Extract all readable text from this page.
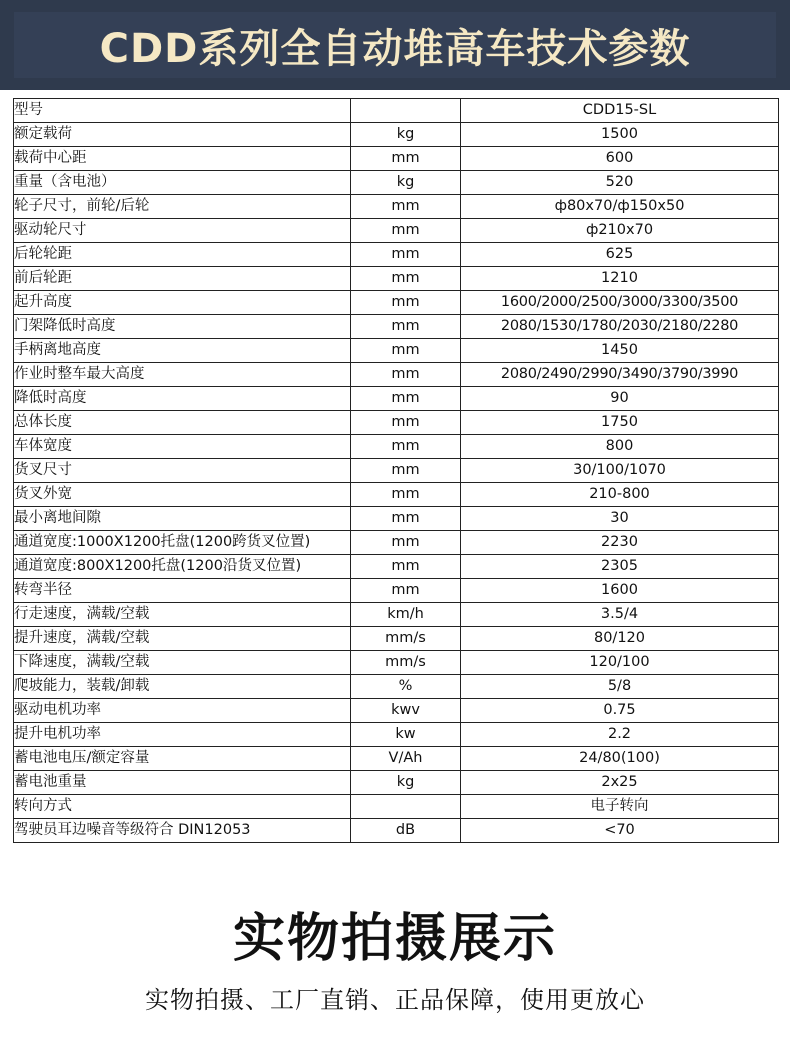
CDD系列全自动堆高车技术参数
型号		CDD15-SL
额定载荷	kg	1500
载荷中心距	mm	600
重量（含电池）	kg	520
轮子尺寸，前轮/后轮	mm	ф80x70/ф150x50
驱动轮尺寸	mm	ф210x70
后轮轮距	mm	625
前后轮距	mm	1210
起升高度	mm	1600/2000/2500/3000/3300/3500
门架降低时高度	mm	2080/1530/1780/2030/2180/2280
手柄离地高度	mm	1450
作业时整车最大高度	mm	2080/2490/2990/3490/3790/3990
降低时高度	mm	90
总体长度	mm	1750
车体宽度	mm	800
货叉尺寸	mm	30/100/1070
货叉外宽	mm	210-800
最小离地间隙	mm	30
通道宽度:1000X1200托盘(1200跨货叉位置)	mm	2230
通道宽度:800X1200托盘(1200沿货叉位置)	mm	2305
转弯半径	mm	1600
行走速度，满载/空载	km/h	3.5/4
提升速度，满载/空载	mm/s	80/120
下降速度，满载/空载	mm/s	120/100
爬坡能力，装载/卸载	%	5/8
驱动电机功率	kwv	0.75
提升电机功率	kw	2.2
蓄电池电压/额定容量	V/Ah	24/80(100)
蓄电池重量	kg	2x25
转向方式		电子转向
驾驶员耳边噪音等级符合 DIN12053	dB	<70
实物拍摄展示
实物拍摄、工厂直销、正品保障，使用更放心
